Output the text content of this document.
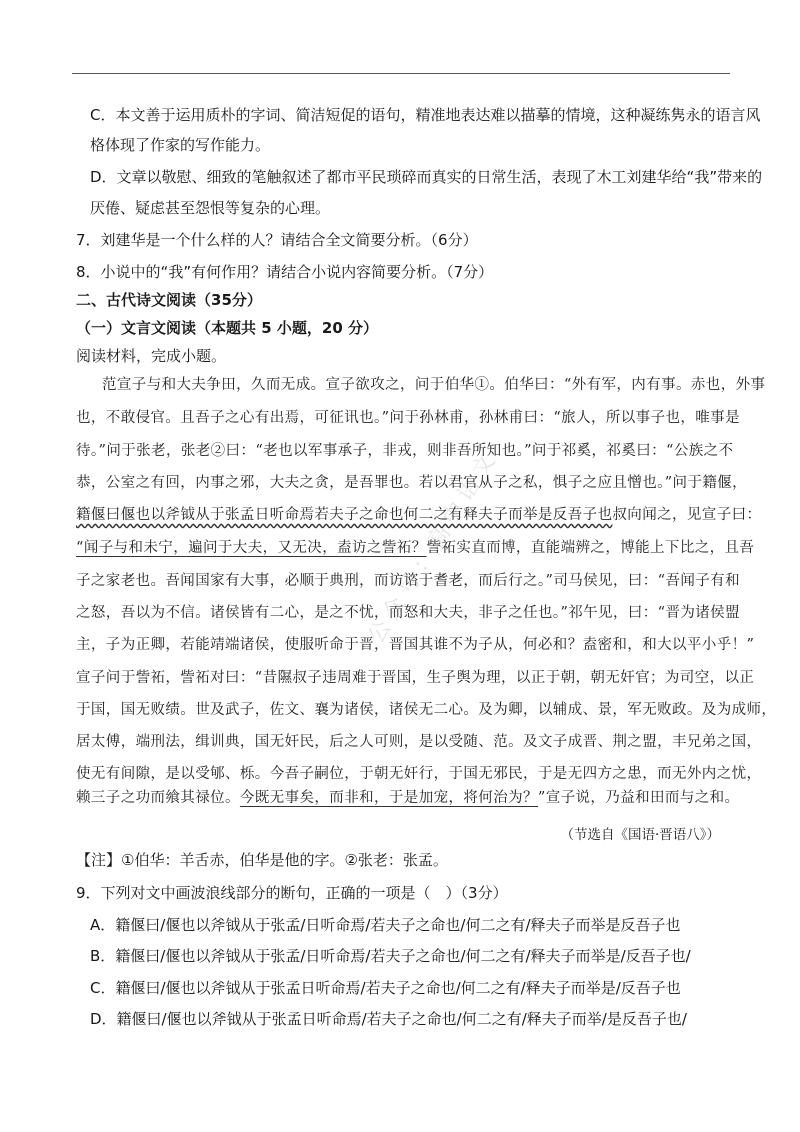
C．本文善于运用质朴的字词、简洁短促的语句，精准地表达难以描摹的情境，这种凝练隽永的语言风
格体现了作家的写作能力。
D．文章以敬慰、细致的笔触叙述了都市平民琐碎而真实的日常生活，表现了木工刘建华给“我”带来的
厌倦、疑虑甚至怨恨等复杂的心理。
7．刘建华是一个什么样的人？请结合全文简要分析。（6分）
8．小说中的“我”有何作用？请结合小说内容简要分析。（7分）
二、古代诗文阅读（35分）
（一）文言文阅读（本题共 5 小题，20 分）
阅读材料，完成小题。
范宣子与和大夫争田，久而无成。宣子欲攻之，问于伯华①。伯华曰：“外有军，内有事。赤也，外事
也，不敢侵官。且吾子之心有出焉，可征讯也。”问于孙林甫，孙林甫曰：“旅人，所以事子也，唯事是
待。”问于张老，张老②曰：“老也以军事承子，非戎，则非吾所知也。”问于祁奚，祁奚曰：“公族之不
恭，公室之有回，内事之邪，大夫之贪，是吾罪也。若以君官从子之私，惧子之应且憎也。”问于籍偃，
籍偃曰偃也以斧钺从于张孟日听命焉若夫子之命也何二之有释夫子而举是反吾子也叔向闻之，见宣子曰：
“闻子与和未宁，遍问于大夫，又无决，盍访之訾祏？訾祏实直而博，直能端辨之，博能上下比之，且吾
子之家老也。吾闻国家有大事，必顺于典刑，而访谘于耆老，而后行之。”司马侯见，曰：“吾闻子有和
之怒，吾以为不信。诸侯皆有二心，是之不忧，而怒和大夫，非子之任也。”祁午见，曰：“晋为诸侯盟
主，子为正卿，若能靖端诸侯，使服听命于晋，晋国其谁不为子从，何必和？盍密和，和大以平小乎！”
宣子问于訾祏，訾祏对曰：“昔隰叔子违周难于晋国，生子舆为理，以正于朝，朝无奸官；为司空，以正
于国，国无败绩。世及武子，佐文、襄为诸侯，诸侯无二心。及为卿，以辅成、景，军无败政。及为成师，
居太傅，端刑法，缉训典，国无奸民，后之人可则，是以受随、范。及文子成晋、荆之盟，丰兄弟之国，
使无有间隙，是以受郇、栎。今吾子嗣位，于朝无奸行，于国无邪民，于是无四方之患，而无外内之忧，
赖三子之功而飨其禄位。今既无事矣，而非和，于是加宠，将何治为？”宣子说，乃益和田而与之和。
（节选自《国语·晋语八》）
【注】①伯华：羊舌赤，伯华是他的字。②张老：张孟。
9．下列对文中画波浪线部分的断句，正确的一项是（　）（3分）
A．籍偃曰/偃也以斧钺从于张孟/日听命焉/若夫子之命也/何二之有/释夫子而举是反吾子也
B．籍偃曰/偃也以斧钺从于张孟/日听命焉/若夫子之命也/何二之有/释夫子而举是/反吾子也/
C．籍偃曰/偃也以斧钺从于张孟日听命焉/若夫子之命也/何二之有/释夫子而举是/反吾子也
D．籍偃曰/偃也以斧钺从于张孟日听命焉/若夫子之命也/何二之有/释夫子而举/是反吾子也/
公众号：高中语文
